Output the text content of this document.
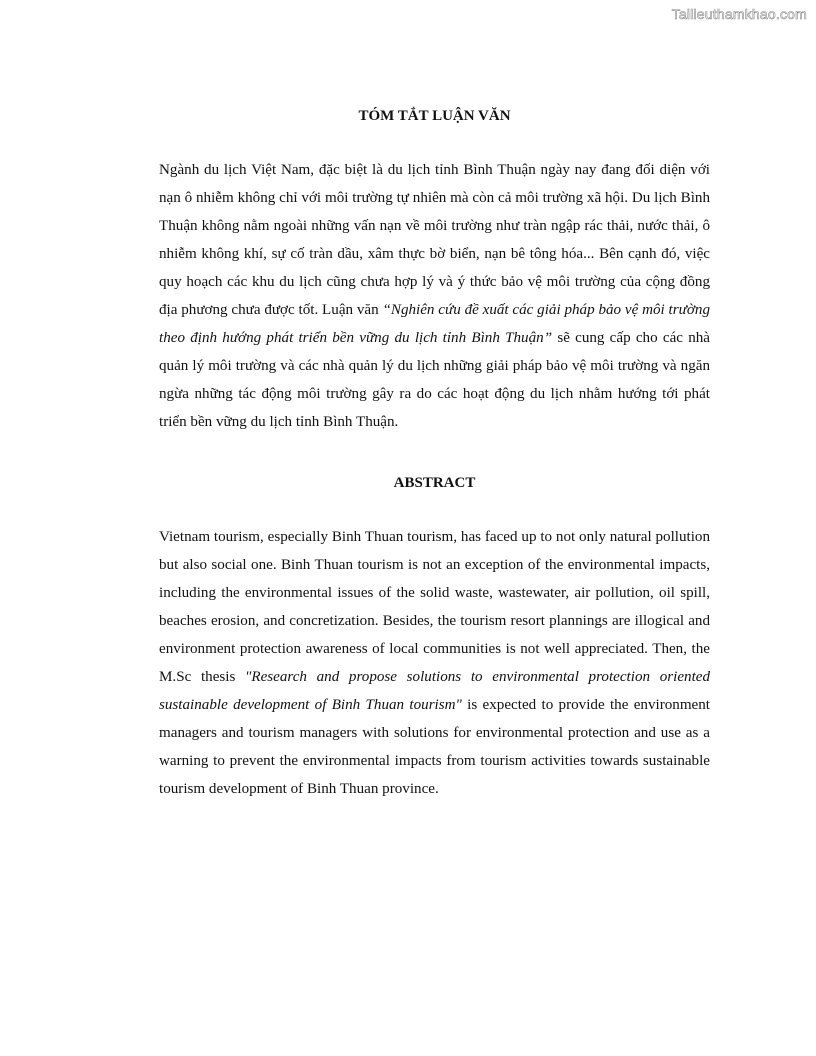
Tailieuthamkhao.com
TÓM TẮT LUẬN VĂN

Ngành du lịch Việt Nam, đặc biệt là du lịch tỉnh Bình Thuận ngày nay đang đối diện với nạn ô nhiễm không chỉ với môi trường tự nhiên mà còn cả môi trường xã hội. Du lịch Bình Thuận không nằm ngoài những vấn nạn về môi trường như tràn ngập rác thải, nước thải, ô nhiễm không khí, sự cố tràn dầu, xâm thực bờ biển, nạn bê tông hóa... Bên cạnh đó, việc quy hoạch các khu du lịch cũng chưa hợp lý và ý thức bảo vệ môi trường của cộng đồng địa phương chưa được tốt. Luận văn “Nghiên cứu đề xuất các giải pháp bảo vệ môi trường theo định hướng phát triển bền vững du lịch tỉnh Bình Thuận” sẽ cung cấp cho các nhà quản lý môi trường và các nhà quản lý du lịch những giải pháp bảo vệ môi trường và ngăn ngừa những tác động môi trường gây ra do các hoạt động du lịch nhằm hướng tới phát triển bền vững du lịch tỉnh Bình Thuận.

ABSTRACT

Vietnam tourism, especially Binh Thuan tourism, has faced up to not only natural pollution but also social one. Binh Thuan tourism is not an exception of the environmental impacts, including the environmental issues of the solid waste, wastewater, air pollution, oil spill, beaches erosion, and concretization. Besides, the tourism resort plannings are illogical and environment protection awareness of local communities is not well appreciated. Then, the M.Sc thesis "Research and propose solutions to environmental protection oriented sustainable development of Binh Thuan tourism" is expected to provide the environment managers and tourism managers with solutions for environmental protection and use as a warning to prevent the environmental impacts from tourism activities towards sustainable tourism development of Binh Thuan province.
